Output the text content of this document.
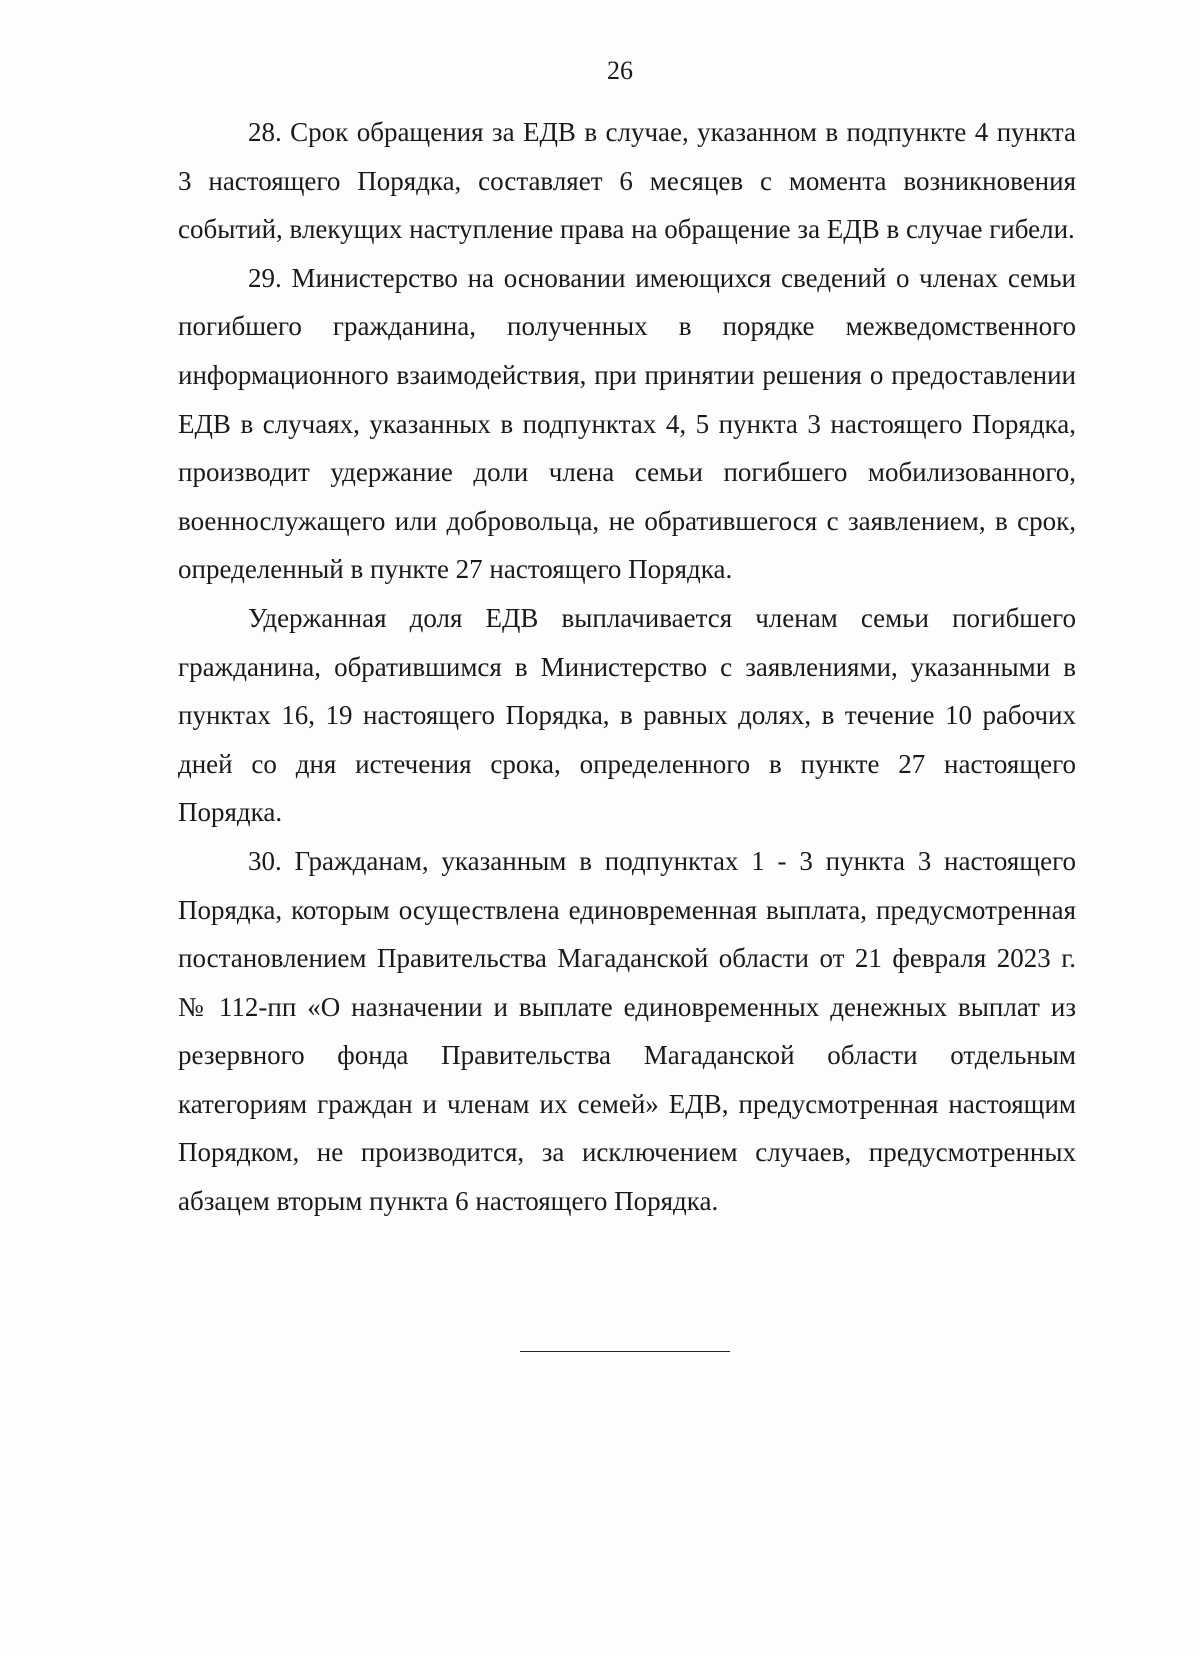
26

28. Срок обращения за ЕДВ в случае, указанном в подпункте 4 пункта 3 настоящего Порядка, составляет 6 месяцев с момента возникновения событий, влекущих наступление права на обращение за ЕДВ в случае гибели.

29. Министерство на основании имеющихся сведений о членах семьи погибшего гражданина, полученных в порядке межведомственного информационного взаимодействия, при принятии решения о предоставлении ЕДВ в случаях, указанных в подпунктах 4, 5 пункта 3 настоящего Порядка, производит удержание доли члена семьи погибшего мобилизованного, военнослужащего или добровольца, не обратившегося с заявлением, в срок, определенный в пункте 27 настоящего Порядка.

Удержанная доля ЕДВ выплачивается членам семьи погибшего гражданина, обратившимся в Министерство с заявлениями, указанными в пунктах 16, 19 настоящего Порядка, в равных долях, в течение 10 рабочих дней со дня истечения срока, определенного в пункте 27 настоящего Порядка.

30. Гражданам, указанным в подпунктах 1 - 3 пункта 3 настоящего Порядка, которым осуществлена единовременная выплата, предусмотренная постановлением Правительства Магаданской области от 21 февраля 2023 г. № 112-пп «О назначении и выплате единовременных денежных выплат из резервного фонда Правительства Магаданской области отдельным категориям граждан и членам их семей» ЕДВ, предусмотренная настоящим Порядком, не производится, за исключением случаев, предусмотренных абзацем вторым пункта 6 настоящего Порядка.
